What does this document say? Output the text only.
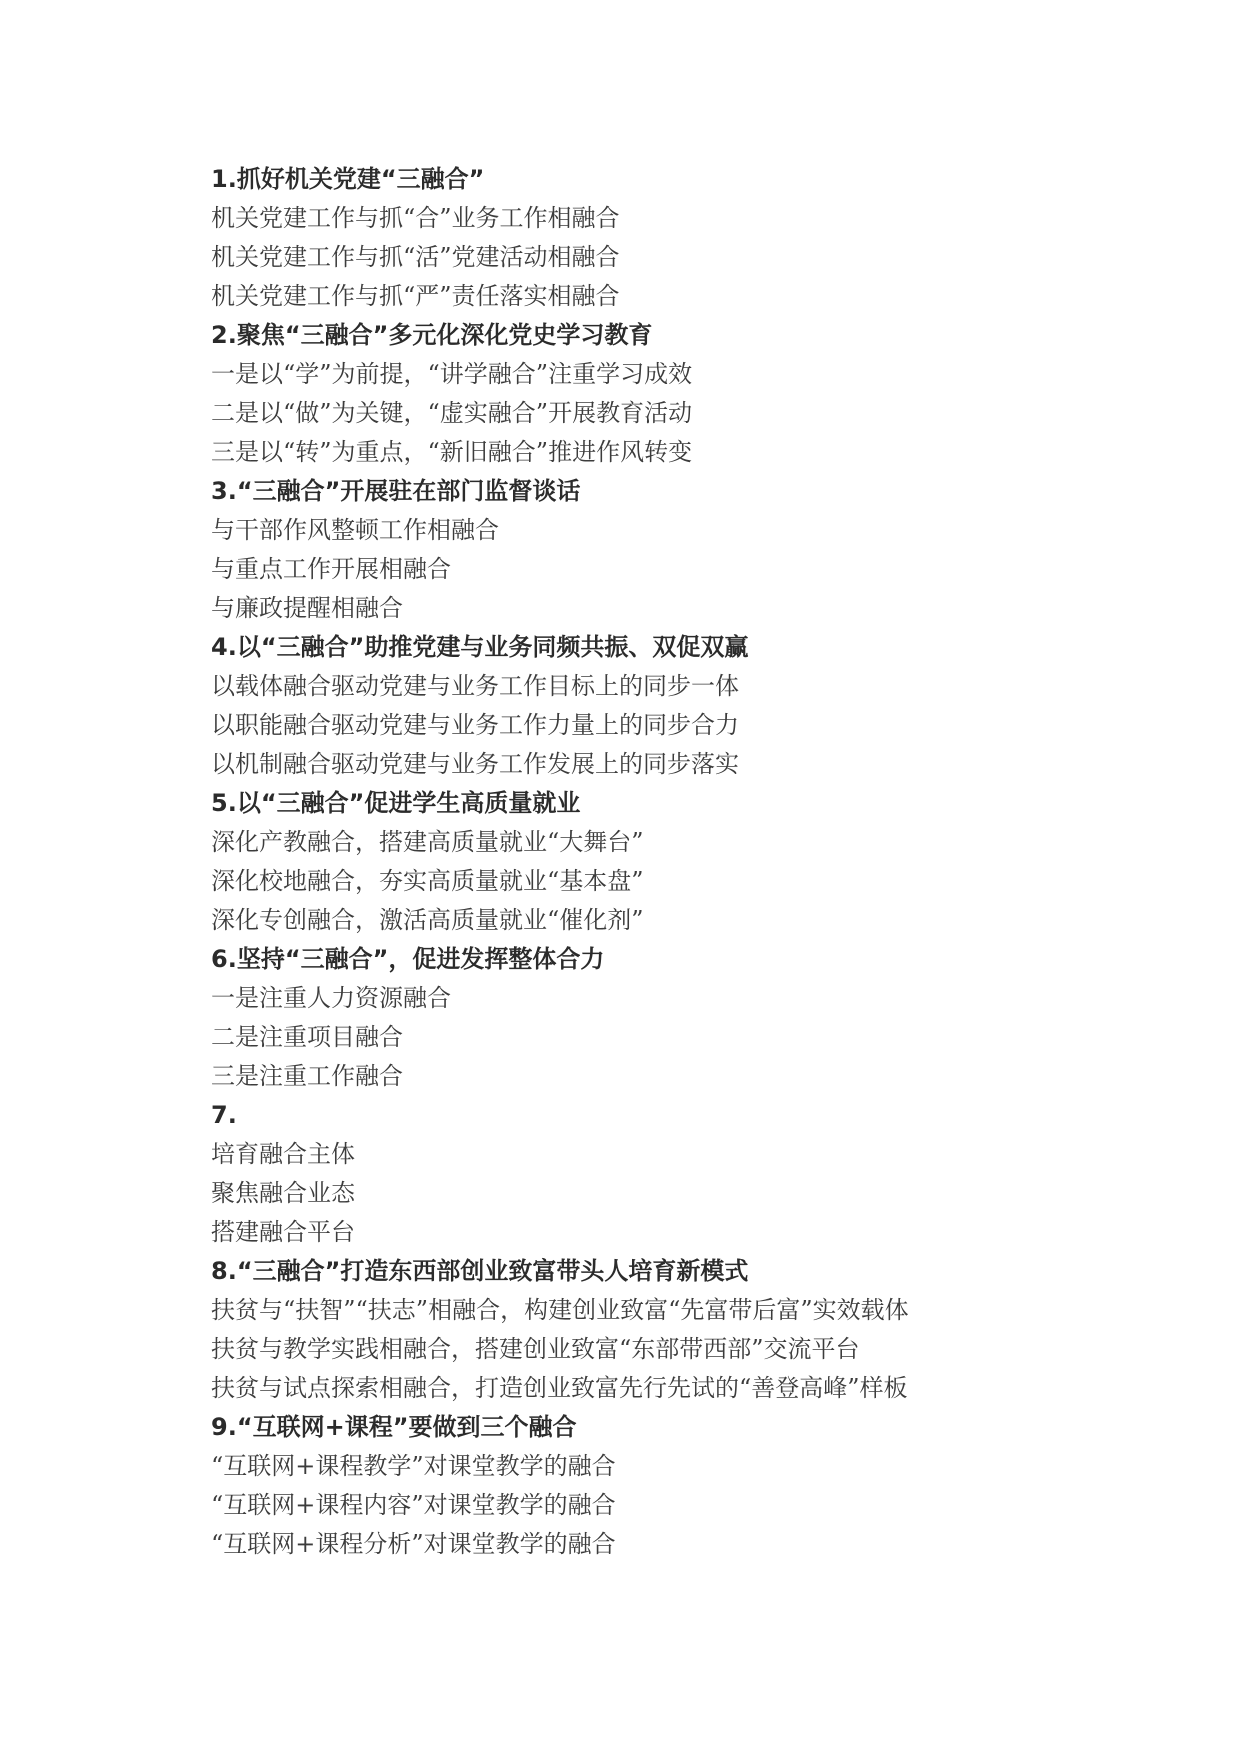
1.抓好机关党建“三融合”
机关党建工作与抓“合”业务工作相融合
机关党建工作与抓“活”党建活动相融合
机关党建工作与抓“严”责任落实相融合
2.聚焦“三融合”多元化深化党史学习教育
一是以“学”为前提，“讲学融合”注重学习成效
二是以“做”为关键，“虚实融合”开展教育活动
三是以“转”为重点，“新旧融合”推进作风转变
3.“三融合”开展驻在部门监督谈话
与干部作风整顿工作相融合
与重点工作开展相融合
与廉政提醒相融合
4.以“三融合”助推党建与业务同频共振、双促双赢
以载体融合驱动党建与业务工作目标上的同步一体
以职能融合驱动党建与业务工作力量上的同步合力
以机制融合驱动党建与业务工作发展上的同步落实
5.以“三融合”促进学生高质量就业
深化产教融合，搭建高质量就业“大舞台”
深化校地融合，夯实高质量就业“基本盘”
深化专创融合，激活高质量就业“催化剂”
6.坚持“三融合”，促进发挥整体合力
一是注重人力资源融合
二是注重项目融合
三是注重工作融合
7.
培育融合主体
聚焦融合业态
搭建融合平台
8.“三融合”打造东西部创业致富带头人培育新模式
扶贫与“扶智”“扶志”相融合，构建创业致富“先富带后富”实效载体
扶贫与教学实践相融合，搭建创业致富“东部带西部”交流平台
扶贫与试点探索相融合，打造创业致富先行先试的“善登高峰”样板
9.“互联网+课程”要做到三个融合
“互联网+课程教学”对课堂教学的融合
“互联网+课程内容”对课堂教学的融合
“互联网+课程分析”对课堂教学的融合
